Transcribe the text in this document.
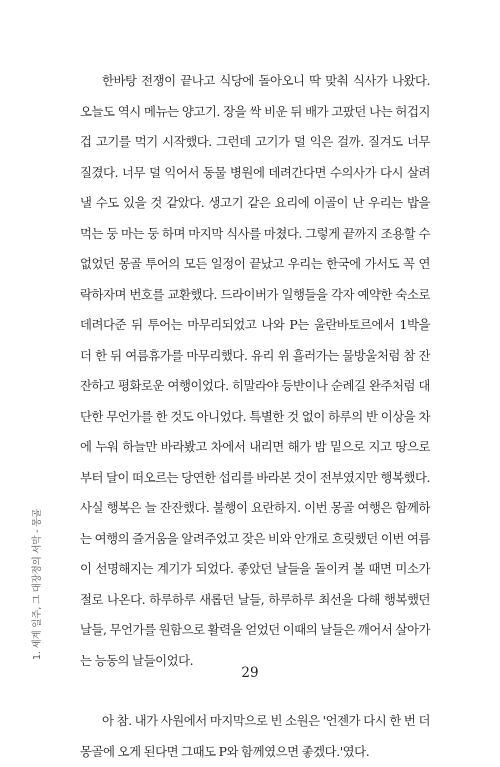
1. 세계 일주, 그 대장정의 서막 - 몽골

한바탕 전쟁이 끝나고 식당에 돌아오니 딱 맞춰 식사가 나왔다. 오늘도 역시 메뉴는 양고기. 장을 싹 비운 뒤 배가 고팠던 나는 허겁지겁 고기를 먹기 시작했다. 그런데 고기가 덜 익은 걸까. 질겨도 너무 질겼다. 너무 덜 익어서 동물 병원에 데려간다면 수의사가 다시 살려낼 수도 있을 것 같았다. 생고기 같은 요리에 이골이 난 우리는 밥을 먹는 둥 마는 둥 하며 마지막 식사를 마쳤다. 그렇게 끝까지 조용할 수 없었던 몽골 투어의 모든 일정이 끝났고 우리는 한국에 가서도 꼭 연락하자며 번호를 교환했다. 드라이버가 일행들을 각자 예약한 숙소로 데려다준 뒤 투어는 마무리되었고 나와 P는 울란바토르에서 1박을 더 한 뒤 여름휴가를 마무리했다. 유리 위 흘러가는 물방울처럼 참 잔잔하고 평화로운 여행이었다. 히말라야 등반이나 순례길 완주처럼 대단한 무언가를 한 것도 아니었다. 특별한 것 없이 하루의 반 이상을 차에 누워 하늘만 바라봤고 차에서 내리면 해가 밤 밑으로 지고 땅으로부터 달이 떠오르는 당연한 섭리를 바라본 것이 전부였지만 행복했다. 사실 행복은 늘 잔잔했다. 불행이 요란하지. 이번 몽골 여행은 함께하는 여행의 즐거움을 알려주었고 잦은 비와 안개로 흐릿했던 이번 여름이 선명해지는 계기가 되었다. 좋았던 날들을 돌이켜 볼 때면 미소가 절로 나온다. 하루하루 새롭던 날들, 하루하루 최선을 다해 행복했던 날들, 무언가를 원함으로 활력을 얻었던 이때의 날들은 깨어서 살아가는 능동의 날들이었다.

아 참. 내가 사원에서 마지막으로 빈 소원은 '언젠가 다시 한 번 더 몽골에 오게 된다면 그때도 P와 함께였으면 좋겠다.'였다.

29
